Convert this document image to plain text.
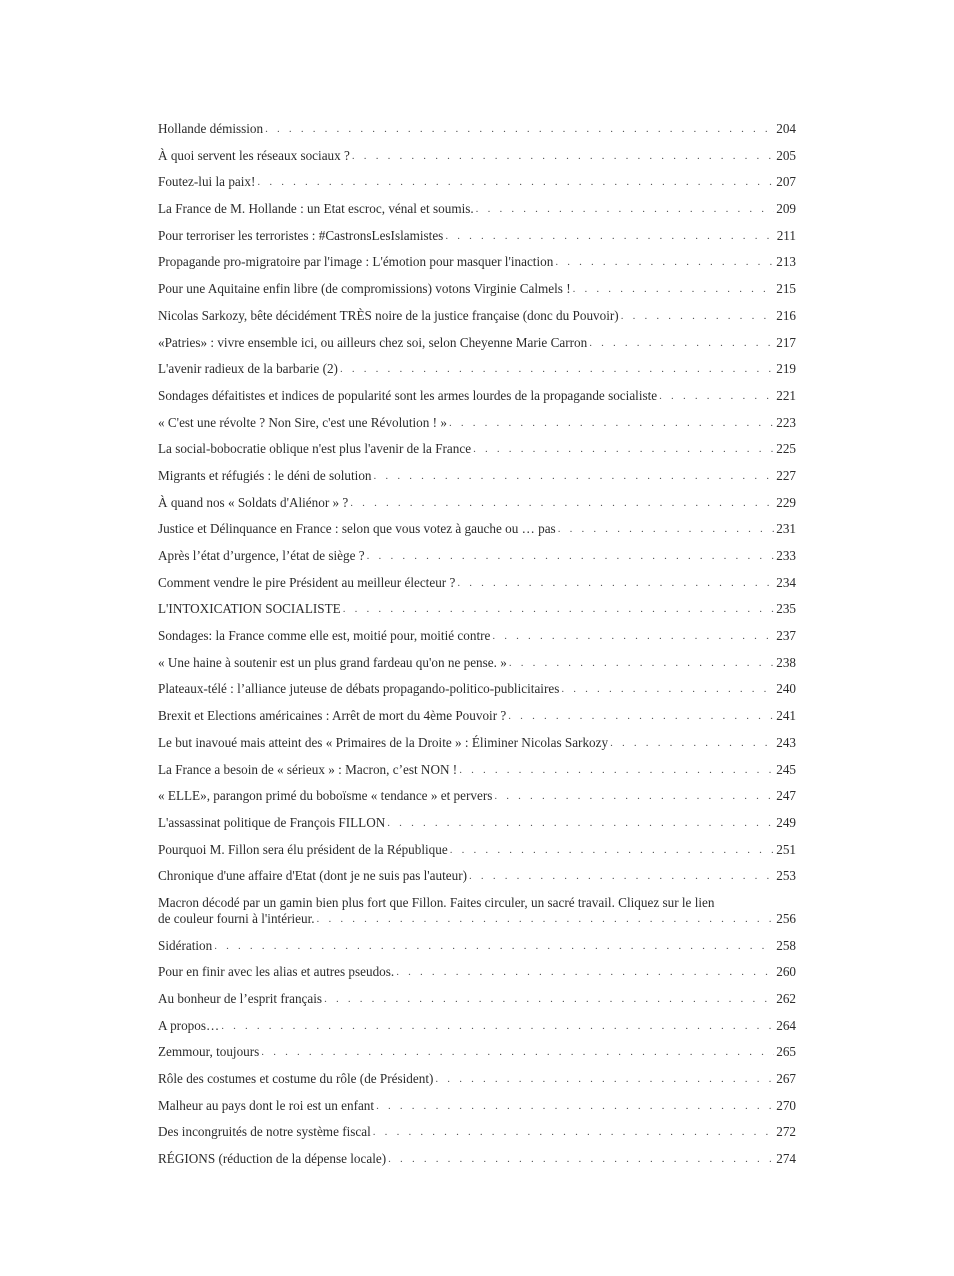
Hollande démission . . .	204
À quoi servent les réseaux sociaux ? . . .	205
Foutez-lui la paix! . . .	207
La France de M. Hollande : un Etat escroc, vénal et soumis. . . .	209
Pour terroriser les terroristes : #CastronsLesIslamistes . . .	211
Propagande pro-migratoire par l'image : L'émotion pour masquer l'inaction . . .	213
Pour une Aquitaine enfin libre (de compromissions) votons Virginie Calmels ! . . .	215
Nicolas Sarkozy, bête décidément TRÈS noire de la justice française (donc du Pouvoir) . . .	216
«Patries» : vivre ensemble ici, ou ailleurs chez soi, selon Cheyenne Marie Carron . . .	217
L'avenir radieux de la barbarie (2) . . .	219
Sondages défaitistes et indices de popularité sont les armes lourdes de la propagande socialiste . . .	221
« C'est une révolte ? Non Sire, c'est une Révolution ! » . . .	223
La social-bobocratie oblique n'est plus l'avenir de la France . . .	225
Migrants et réfugiés : le déni de solution . . .	227
À quand nos « Soldats d'Aliénor » ? . . .	229
Justice et Délinquance en France : selon que vous votez à gauche ou … pas . . .	231
Après l’état d’urgence, l’état de siège ? . . .	233
Comment vendre le pire Président au meilleur électeur ? . . .	234
L'INTOXICATION SOCIALISTE . . .	235
Sondages: la France comme elle est, moitié pour, moitié contre . . .	237
« Une haine à soutenir est un plus grand fardeau qu'on ne pense. » . . .	238
Plateaux-télé : l’alliance juteuse de débats propagando-politico-publicitaires . . .	240
Brexit et Elections américaines : Arrêt de mort du 4ème Pouvoir ? . . .	241
Le but inavoué mais atteint des « Primaires de la Droite » : Éliminer Nicolas Sarkozy . . .	243
La France a besoin de « sérieux » : Macron, c’est NON ! . . .	245
« ELLE», parangon primé du boboïsme « tendance » et pervers . . .	247
L'assassinat politique de François FILLON . . .	249
Pourquoi M. Fillon sera élu président de la République . . .	251
Chronique d'une affaire d'Etat (dont je ne suis pas l'auteur) . . .	253
Macron décodé par un gamin bien plus fort que Fillon. Faites circuler, un sacré travail. Cliquez sur le lien
de couleur fourni à l'intérieur. . . .	256
Sidération . . .	258
Pour en finir avec les alias et autres pseudos. . . .	260
Au bonheur de l’esprit français . . .	262
A propos… . . .	264
Zemmour, toujours . . .	265
Rôle des costumes et costume du rôle (de Président) . . .	267
Malheur au pays dont le roi est un enfant . . .	270
Des incongruités de notre système fiscal . . .	272
RÉGIONS (réduction de la dépense locale) . . .	274
